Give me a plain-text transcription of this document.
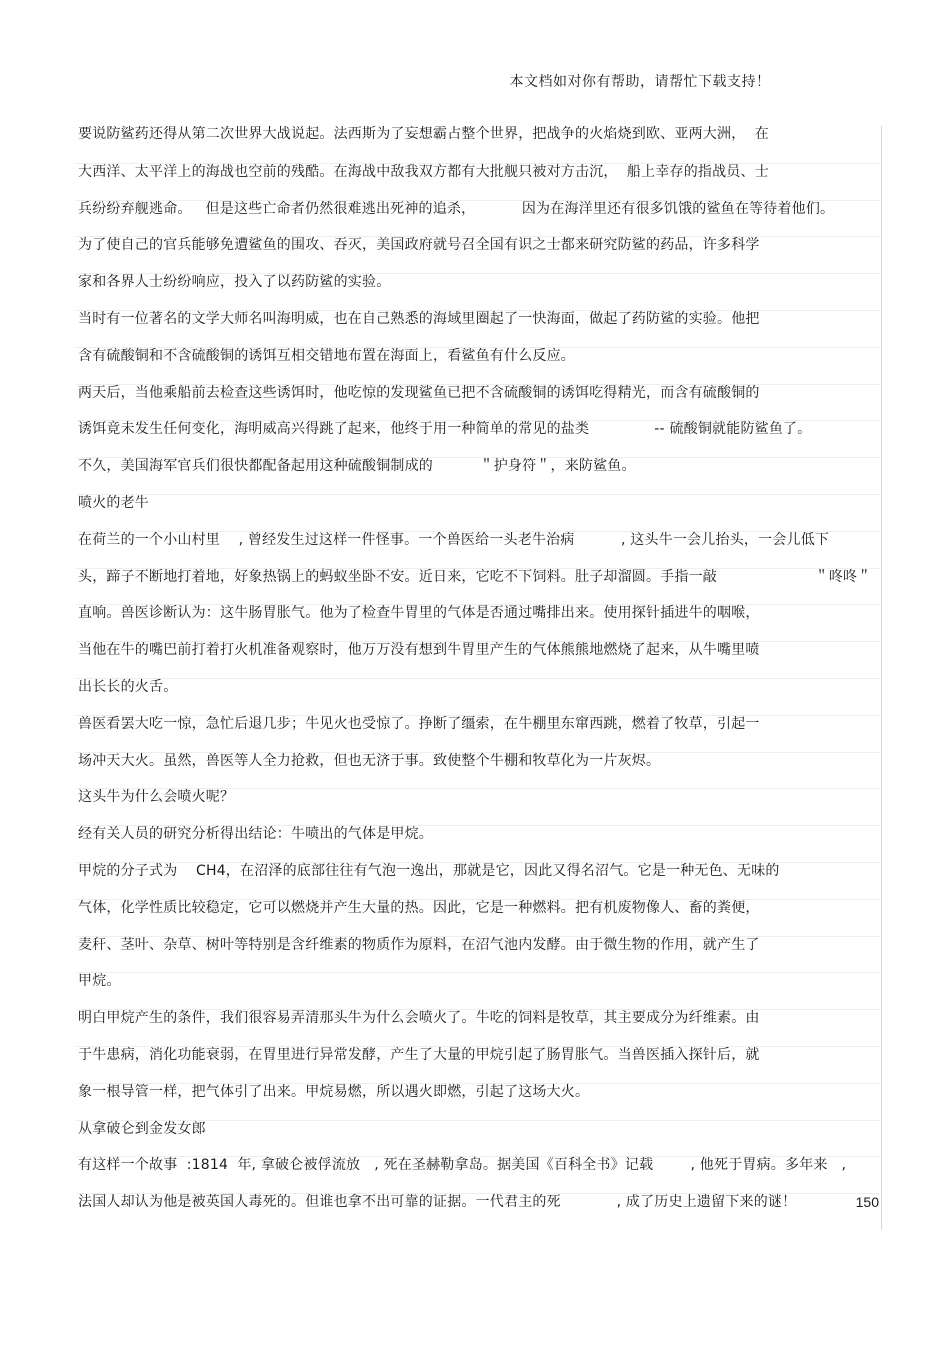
本文档如对你有帮助，请帮忙下载支持！
要说防鲨药还得从第二次世界大战说起。法西斯为了妄想霸占整个世界，把战争的火焰烧到欧、亚两大洲，  在
大西洋、太平洋上的海战也空前的残酷。在海战中敌我双方都有大批舰只被对方击沉，  船上幸存的指战员、士
兵纷纷弃舰逃命。   但是这些亡命者仍然很难逃出死神的追杀，          因为在海洋里还有很多饥饿的鲨鱼在等待着他们。
为了使自己的官兵能够免遭鲨鱼的围攻、吞灭，美国政府就号召全国有识之士都来研究防鲨的药品，许多科学
家和各界人士纷纷响应，投入了以药防鲨的实验。
当时有一位著名的文学大师名叫海明威，也在自己熟悉的海域里圈起了一快海面，做起了药防鲨的实验。他把
含有硫酸铜和不含硫酸铜的诱饵互相交错地布置在海面上，看鲨鱼有什么反应。
两天后，当他乘船前去检查这些诱饵时，他吃惊的发现鲨鱼已把不含硫酸铜的诱饵吃得精光，而含有硫酸铜的
诱饵竟未发生任何变化，海明威高兴得跳了起来，他终于用一种简单的常见的盐类              -- 硫酸铜就能防鲨鱼了。
不久，美国海军官兵们很快都配备起用这种硫酸铜制成的          ＂护身符＂，来防鲨鱼。
喷火的老牛
在荷兰的一个小山村里    , 曾经发生过这样一件怪事。一个兽医给一头老牛治病          , 这头牛一会儿抬头，一会儿低下
头，蹄子不断地打着地，好象热锅上的蚂蚁坐卧不安。近日来，它吃不下饲料。肚子却溜圆。手指一敲                     ＂咚咚＂
直响。兽医诊断认为：这牛肠胃胀气。他为了检查牛胃里的气体是否通过嘴排出来。使用探针插进牛的咽喉，
当他在牛的嘴巴前打着打火机准备观察时，他万万没有想到牛胃里产生的气体熊熊地燃烧了起来，从牛嘴里喷
出长长的火舌。
兽医看罢大吃一惊，急忙后退几步；牛见火也受惊了。挣断了缰索，在牛棚里东窜西跳，燃着了牧草，引起一
场冲天大火。虽然，兽医等人全力抢救，但也无济于事。致使整个牛棚和牧草化为一片灰烬。
这头牛为什么会喷火呢？
经有关人员的研究分析得出结论：牛喷出的气体是甲烷。
甲烷的分子式为    CH4，在沼泽的底部往往有气泡一逸出，那就是它，因此又得名沼气。它是一种无色、无味的
气体，化学性质比较稳定，它可以燃烧并产生大量的热。因此，它是一种燃料。把有机废物像人、畜的粪便，
麦秆、茎叶、杂草、树叶等特别是含纤维素的物质作为原料，在沼气池内发酵。由于微生物的作用，就产生了
甲烷。
明白甲烷产生的条件，我们很容易弄清那头牛为什么会喷火了。牛吃的饲料是牧草，其主要成分为纤维素。由
于牛患病，消化功能衰弱，在胃里进行异常发酵，产生了大量的甲烷引起了肠胃胀气。当兽医插入探针后，就
象一根导管一样，把气体引了出来。甲烷易燃，所以遇火即燃，引起了这场大火。
从拿破仑到金发女郎
有这样一个故事  :1814  年, 拿破仑被俘流放   , 死在圣赫勒拿岛。据美国《百科全书》记载        , 他死于胃病。多年来   ,
法国人却认为他是被英国人毒死的。但谁也拿不出可靠的证据。一代君主的死            , 成了历史上遗留下来的谜！	150
